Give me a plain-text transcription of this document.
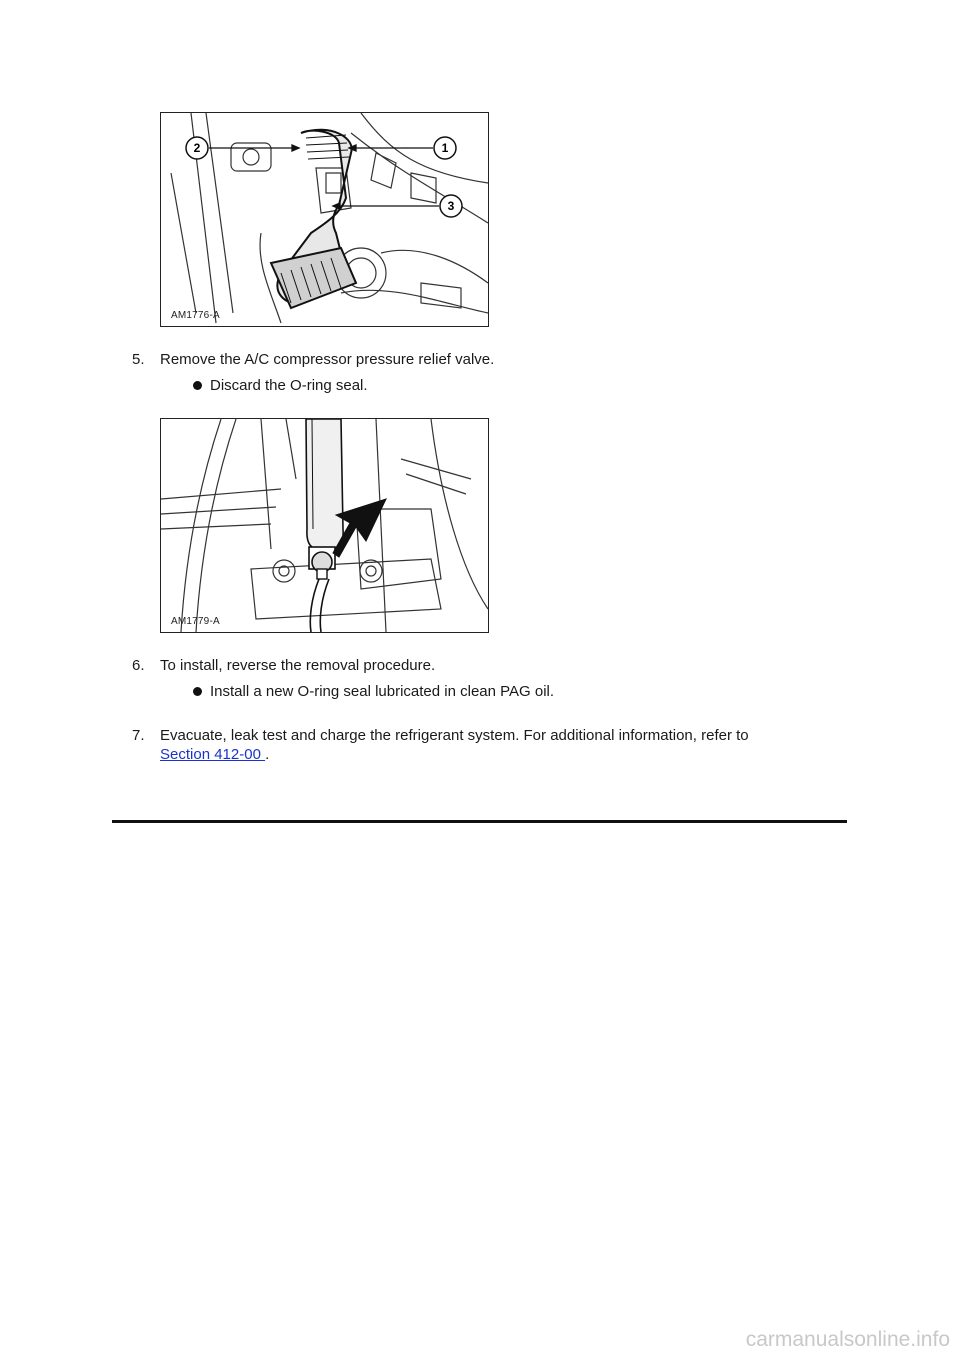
2	1
3
AM1776-A
5.	Remove the A/C compressor pressure relief valve.
Discard the O-ring seal.
AM1779-A
6.	To install, reverse the removal procedure.
Install a new O-ring seal lubricated in clean PAG oil.
7.	Evacuate, leak test and charge the refrigerant system. For additional information, refer to
Section 412-00 .
carmanualsonline.info
